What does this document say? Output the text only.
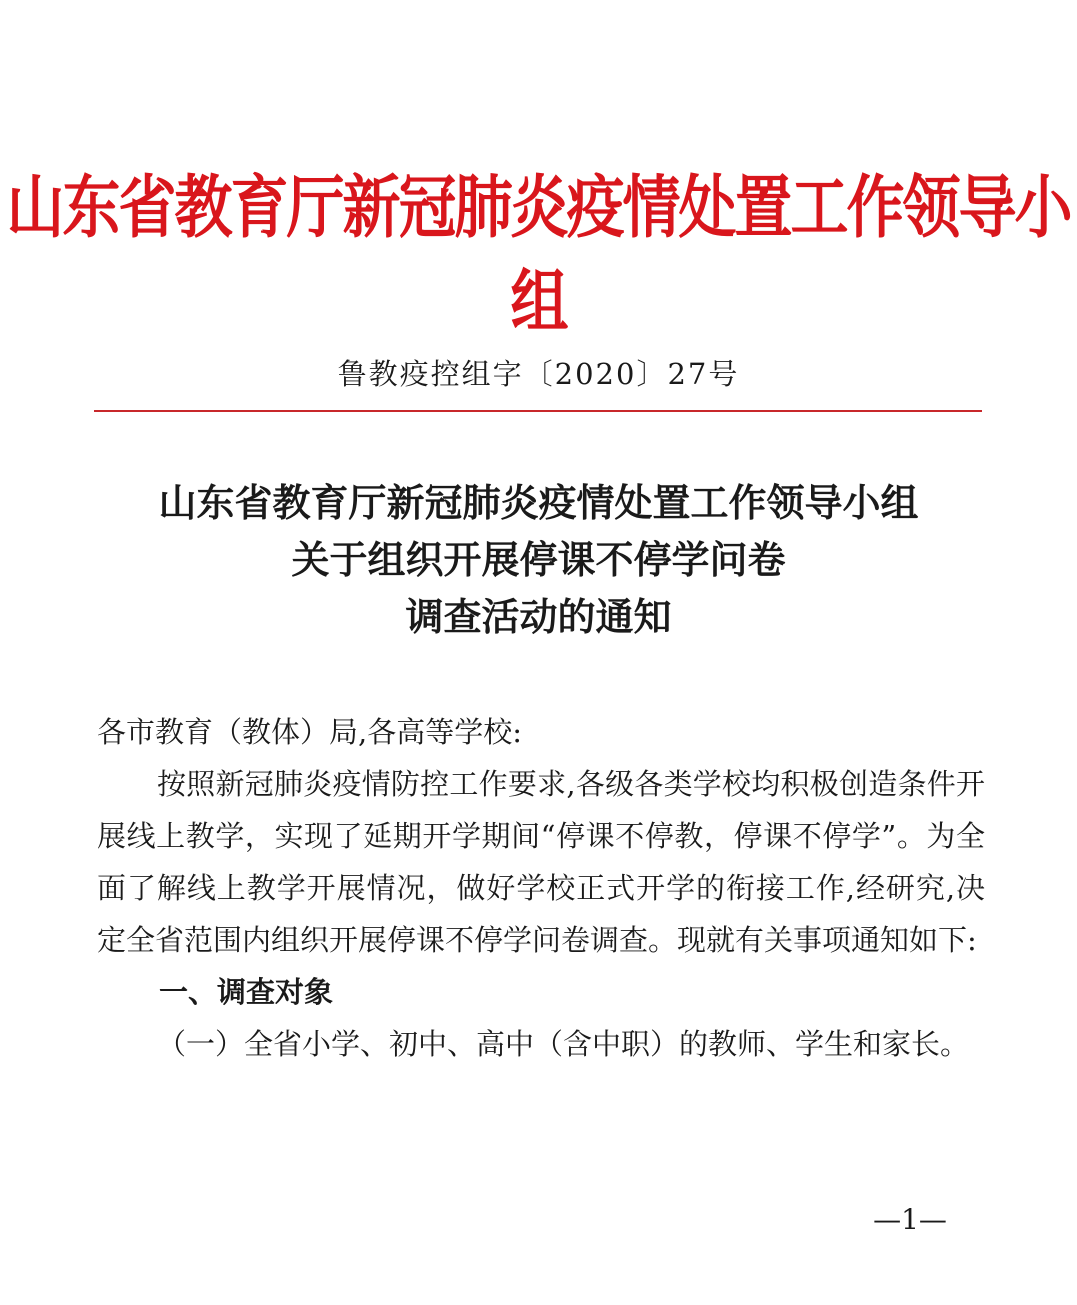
山东省教育厅新冠肺炎疫情处置工作领导小组
鲁教疫控组字〔2020〕27号
山东省教育厅新冠肺炎疫情处置工作领导小组
关于组织开展停课不停学问卷
调查活动的通知

各市教育（教体）局,各高等学校:

按照新冠肺炎疫情防控工作要求,各级各类学校均积极创造条件开展线上教学，实现了延期开学期间“停课不停教，停课不停学”。为全面了解线上教学开展情况，做好学校正式开学的衔接工作,经研究,决定全省范围内组织开展停课不停学问卷调查。现就有关事项通知如下:

一、调查对象

（一）全省小学、初中、高中（含中职）的教师、学生和家长。

—1—
